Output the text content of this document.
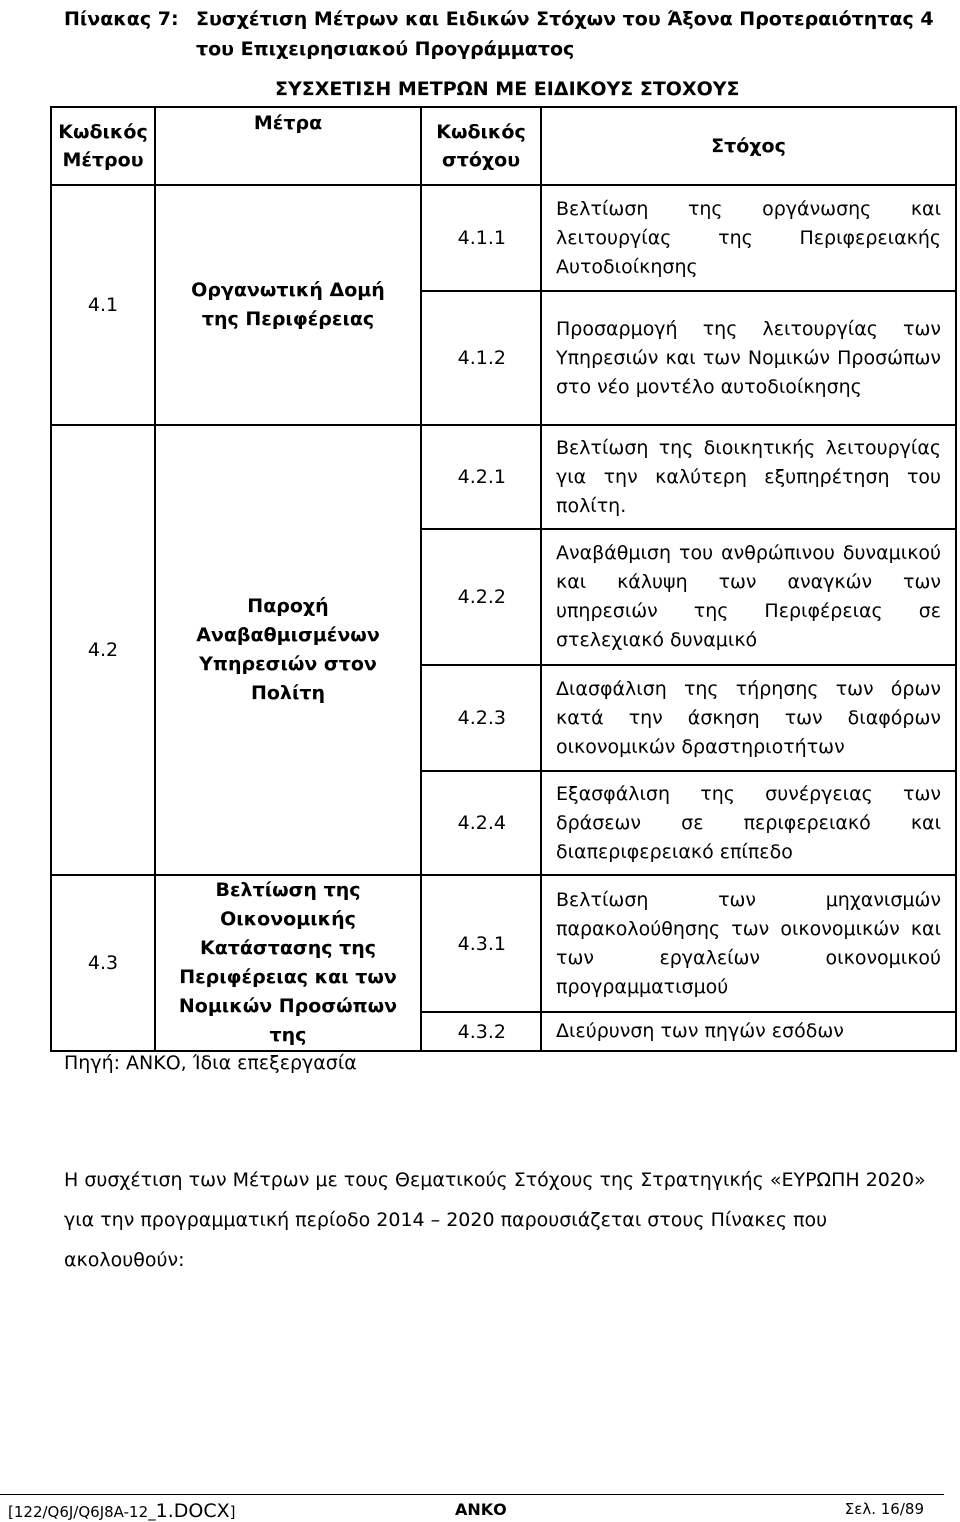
Πίνακας 7: Συσχέτιση Μέτρων και Ειδικών Στόχων του Άξονα Προτεραιότητας 4
του Επιχειρησιακού Προγράμματος
	ΣΥΣΧΕΤΙΣΗ ΜΕΤΡΩΝ ΜΕ ΕΙΔΙΚΟΥΣ ΣΤΟΧΟΥΣ		
Κωδικός Μέτρου	Μέτρα	Κωδικός στόχου	Στόχος
4.1	Οργανωτική Δομή της Περιφέρειας	4.1.1	Βελτίωση της οργάνωσης και λειτουργίας της Περιφερειακής Αυτοδιοίκησης
		4.1.2	Προσαρμογή της λειτουργίας των Υπηρεσιών και των Νομικών Προσώπων στο νέο μοντέλο αυτοδιοίκησης
4.2	Παροχή Αναβαθμισμένων Υπηρεσιών στον Πολίτη	4.2.1	Βελτίωση της διοικητικής λειτουργίας για την καλύτερη εξυπηρέτηση του πολίτη.
		4.2.2	Αναβάθμιση του ανθρώπινου δυναμικού και κάλυψη των αναγκών των υπηρεσιών της Περιφέρειας σε στελεχιακό δυναμικό
		4.2.3	Διασφάλιση της τήρησης των όρων κατά την άσκηση των διαφόρων οικονομικών δραστηριοτήτων
		4.2.4	Εξασφάλιση της συνέργειας των δράσεων σε περιφερειακό και διαπεριφερειακό επίπεδο
4.3	Βελτίωση της Οικονομικής Κατάστασης της Περιφέρειας και των Νομικών Προσώπων της	4.3.1	Βελτίωση των μηχανισμών παρακολούθησης των οικονομικών και των εργαλείων οικονομικού προγραμματισμού
		4.3.2	Διεύρυνση των πηγών εσόδων
Πηγή: ΑΝΚΟ, Ίδια επεξεργασία
Η συσχέτιση των Μέτρων με τους Θεματικούς Στόχους της Στρατηγικής «ΕΥΡΩΠΗ 2020» για την προγραμματική περίοδο 2014 – 2020 παρουσιάζεται στους Πίνακες που ακολουθούν:
[122/Q6J/Q6J8A-12_1.DOCX]	ΑΝΚΟ	Σελ. 16/89
